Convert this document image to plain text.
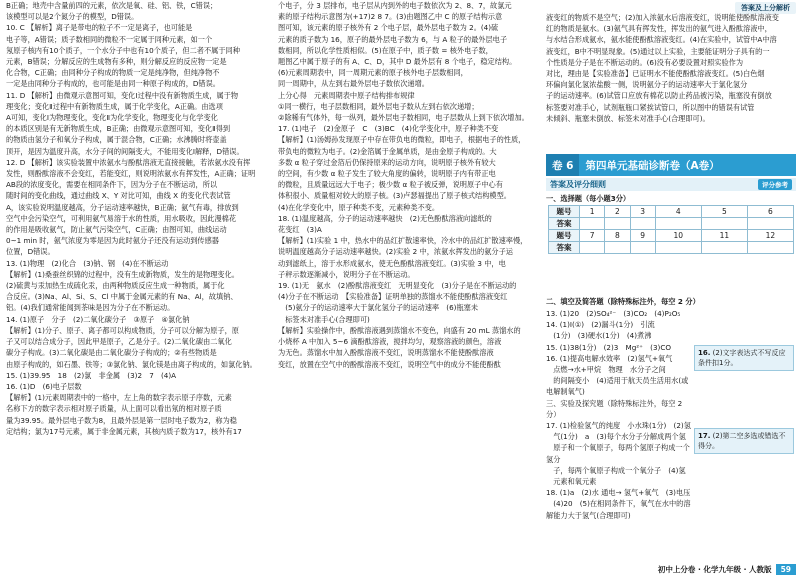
答案及上分解析

B正确；地壳中含量前四的元素，依次是氧、硅、铝、铁，C错误；

该模型可以是2个氮分子的模型，D错误。

10. C 【解析】离子是带电的粒子不一定是离子，也可能是

电子等，A错误；质子数相同的微粒不一定属于同种元素，如一个

氖原子核内有10个质子，一个水分子中也有10个质子，但二者不属于同种

元素，B错误；分解反应的生成物有多种，则分解反应的反应物一定是

化合物，C正确；由同种分子构成的物质一定是纯净物，但纯净物不

一定是由同种分子构成的，也可能是由同一种原子构成的，D错误。

11. D 【解析】由微观示意图可知，变化Ⅰ过程中没有新物质生成，属于物

理变化；变化Ⅱ过程中有新物质生成，属于化学变化，A正确。由选项

A可知，变化Ⅰ为物理变化，变化Ⅱ为化学变化，物理变化与化学变化

的本质区别是有无新物质生成，B正确；由微观示意图可知，变化Ⅱ得到

的物质由氢分子和氧分子构成，属于混合物，C正确；水沸腾时将壶盖

顶开，是因为温度升高，水分子间的间隔变大，不能用变化Ⅰ解释，D错误。

12. D 【解析】该实验装置中浓氨水与酚酞溶液无直接接触，若浓氨水没有挥

发性，则酚酞溶液不会变红，若能变红，则说明浓氨水有挥发性，A正确；证明

AB段的浓度变化，需要在相同条件下，因为分子在不断运动，所以

随时间的变化曲线，通过曲线 X、Y 对比可知，曲线 X 的变化代表试管

A，该实验说明温度越高，分子运动速率越快，B正确；氨气有毒，排放到

空气中会污染空气，可利用氨气易溶于水的性质，用水吸收，因此漫棉花

的作用是吸收氨气，防止氨气污染空气，C正确；由图可知，曲线运动

0~1 min 时，氨气浓度为零是因为此时氨分子还没有运动到传感器

位置，D错误。

13. (1)物理　(2)化合　(3)钠、钢　(4)在不断运动

【解析】(1)桑蚕丝织锦的过程中，没有生成新物质，发生的是物理变化。

(2)硫黄与汞加热生成硫化汞，由两种物质反应生成一种物质，属于化

合反应。(3)Na、Al、Si、S、Cl 中属于金属元素的有 Na、Al，故填钠、

铝。(4)我们通常能闻到茶味是因为分子在不断运动。

14. (1)原子　分子　(2)二氧化碳分子　③原子　④氯化钠

【解析】(1)分子、原子、离子都可以构成物质，分子可以分解为原子，原

子又可以结合成分子，因此甲是原子，乙是分子。(2)二氧化碳由二氧化

碳分子构成。(3)二氧化碳是由二氧化碳分子构成的；②有些物质是

由原子构成的，如石墨、铁等；③氯化钠、氯化镁是由离子构成的，如氯化钠。

15. (1)39.95　18　(2)氯　非金属　(3)2　7　(4)A

16. (1)D　(6)电子层数

【解析】(1)元素周期表中的一格中，左上角的数字表示原子序数，元素

名称下方的数字表示相对原子质量，从上面可以看出氖的相对原子质

量为39.95。最外层电子数为8，且最外层是第一层时电子数为2，称为稳

定结构；氯为17号元素，属于非金属元素，其核内质子数为17，核外有17

个电子，分 3 层排布，电子层从内到外的电子数依次为 2、8、7，故氯元

素的原子结构示意图为(+17)2 8 7。(3)由题图乙中 C 的原子结构示意

图可知，该元素的原子核外有 2 个电子层，最外层电子数为 2。(4)硫

元素的质子数为 16，原子的最外层电子数为 6，与 A 粒子的最外层电子

数相同，所以化学性质相似。(5)在原子中，质子数 = 核外电子数，

题图乙中属于原子的有 A、C、D，其中 D 最外层有 8 个电子，稳定结构。

(6)元素周期表中，同一周期元素的原子核外电子层数相同，

同一周期中，从左到右最外层电子数依次递增。

上分心得　元素周期表中原子结构排布规律

①同一横行，电子层数相同，最外层电子数从左到右依次递增；

②除稀有气体外，每一纵列，最外层电子数相同，电子层数从上到下依次增加。

17. (1)电子　(2)金原子　C　(3)BC　(4)化学变化中，原子种类不变

【解析】(1)汤姆孙发现原子中存在带负电的微粒，即电子，根据电子的性质，

带负电的微粒为电子。(2)金箔属于金属单质，是由金原子构成的。大

多数 α 粒子穿过金箔后仍保持原来的运动方向，说明原子核外有较大

的空间，有少数 α 粒子发生了较大角度的偏转，说明原子内有带正电

的微粒，且质量远远大于电子；极少数 α 粒子被反弹，说明原子中心有

体积很小、质量相对较大的原子核。(3)卢瑟福提出了原子核式结构模型。

(4)在化学变化中，原子种类不变，元素种类不变。

18. (1)温度越高，分子的运动速率越快　(2)无色酚酞溶液向滤纸的

花变红　(3)A

【解析】(1)实验 1 中，热水中的品红扩散速率快，冷水中的品红扩散速率慢，

说明温度越高分子运动速率越快。(2)实验 2 中，浓氨水挥发出的氨分子运

动到滤纸上，溶于水形成氨水，使无色酚酞溶液变红。(3)实验 3 中，电

子秤示数逐渐减小，说明分子在不断运动。

19. (1)无　氨水　(2)酚酞溶液变红　无明显变化　(3)分子是在不断运动的

(4)分子在不断运动　【实验准备】证明单独的蒸馏水不能使酚酞溶液变红

　(5)氨分子的运动速率大于氯化氢分子的运动速率　(6)瓶塞未

　标签未对准手心(合理即可)

【解析】实验操作中，酚酞溶液遇到蒸馏水不变色，向盛有 20 mL 蒸馏水的

小烧杯 A 中加入 5~6 滴酚酞溶液，搅拌均匀，观察溶液的颜色，溶液

为无色。蒸馏水中加入酚酞溶液不变红，说明蒸馏水不能使酚酞溶液

变红，放置在空气中的酚酞溶液不变红，说明空气中的成分不能使酚酞

液变红的物质不是空气；(2)加入浓氨水后溶液变红，说明能使酚酞溶液变

红的物质是氨水。(3)氨气具有挥发性，挥发出的氨气进入酚酞溶液中，

与水结合形成氨水，氨水能使酚酞溶液变红。(4)在实验中，试管中A中溶

液变红，B中不明显现象。(5)通过以上实验，主要能证明分子具有的一

个性质是分子是在不断运动的。(6)没有必要设置对照实验作为

对比，理由是【实验准备】已证明水不能使酚酞溶液变红。(5)白色烟

环偏向氯化氢浓盐酸一侧，说明氨分子的运动速率大于氯化氢分

子的运动速率。(6)试管口应放有棉花以防止药品被污染，瓶塞没有倒放

标签要对准手心，试剂瓶瓶口紧挨试管口，所以图中的错误有试管

未倾斜、瓶塞未倒放、标签未对准手心(合理即可)。

卷 6	第四单元基础诊断卷（A卷）
答案及评分细则	评分参考
一、选择题（每小题3分）
题号	1	2	3	4	5	6
答案						
题号	7	8	9	10	11	12
答案						
二、填空及简答题（除特殊标注外，每空 2 分）

13. (1)20　(2)SO₄²⁻　(3)CO₂　(4)P₂O₅

14. (1)Ⅰ(①)　(2)漏斗(1分)　引流

　(1分)　(3)硬水(1分)　(4)煮沸

15. (1)38(1分)　(2)3　Mg²⁺　(3)CO

16. (1)提高电解水效率　(2)氢气+氧气

　点燃→水+甲烷　物理　水分子之间

　的间隔变小　(4)适用于航天员生活用水(或电解制氧气)

三、实验及探究题（除特殊标注外，每空 2 分）

17. (1)检验氢气的纯度　小水珠(1分)　(2)氢

　气(1分)　a　(3)每个水分子分解成两个氢

　原子和一个氧原子，每两个氢原子构成一个氢分

　子，每两个氧原子构成一个氧分子　(4)氢

　元素和氧元素

18. (1)a　(2)水 通电→ 氢气+氧气　(3)电压

　(4)20　(5)在相同条件下，氧气在水中的溶解能力大于氢气(合理即可)

16. (2)文字表达式不写反应条件扣1分。
17. (2)第二空多选或错选不得分。
初中上分卷 · 化学九年级 · 人教版	59
